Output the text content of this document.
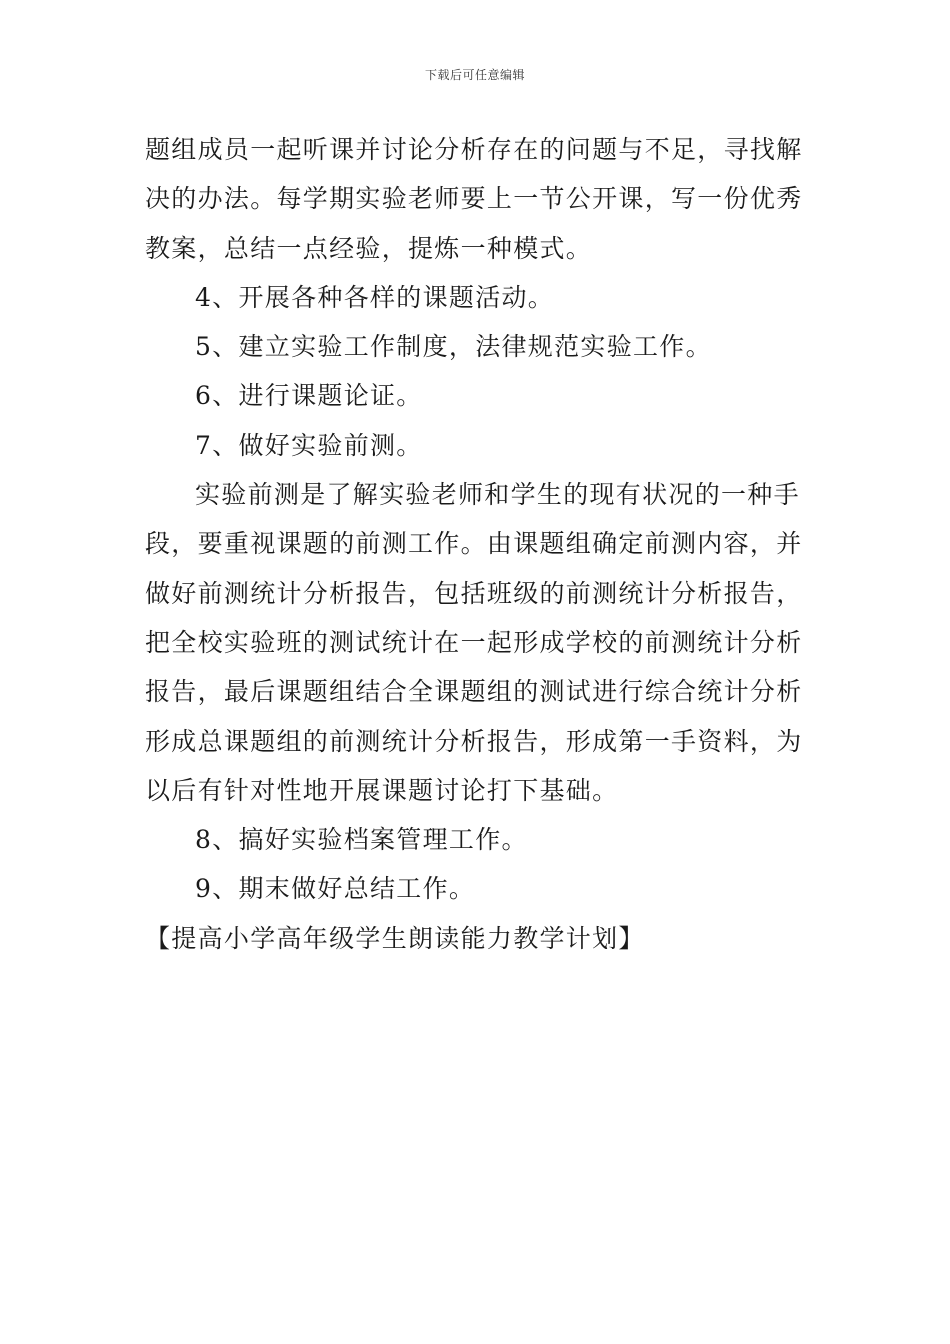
下载后可任意编辑
题组成员一起听课并讨论分析存在的问题与不足，寻找解
决的办法。每学期实验老师要上一节公开课，写一份优秀
教案，总结一点经验，提炼一种模式。
4、开展各种各样的课题活动。
5、建立实验工作制度，法律规范实验工作。
6、进行课题论证。
7、做好实验前测。
实验前测是了解实验老师和学生的现有状况的一种手
段，要重视课题的前测工作。由课题组确定前测内容，并
做好前测统计分析报告，包括班级的前测统计分析报告，
把全校实验班的测试统计在一起形成学校的前测统计分析
报告，最后课题组结合全课题组的测试进行综合统计分析
形成总课题组的前测统计分析报告，形成第一手资料，为
以后有针对性地开展课题讨论打下基础。
8、搞好实验档案管理工作。
9、期末做好总结工作。
【提高小学高年级学生朗读能力教学计划】
